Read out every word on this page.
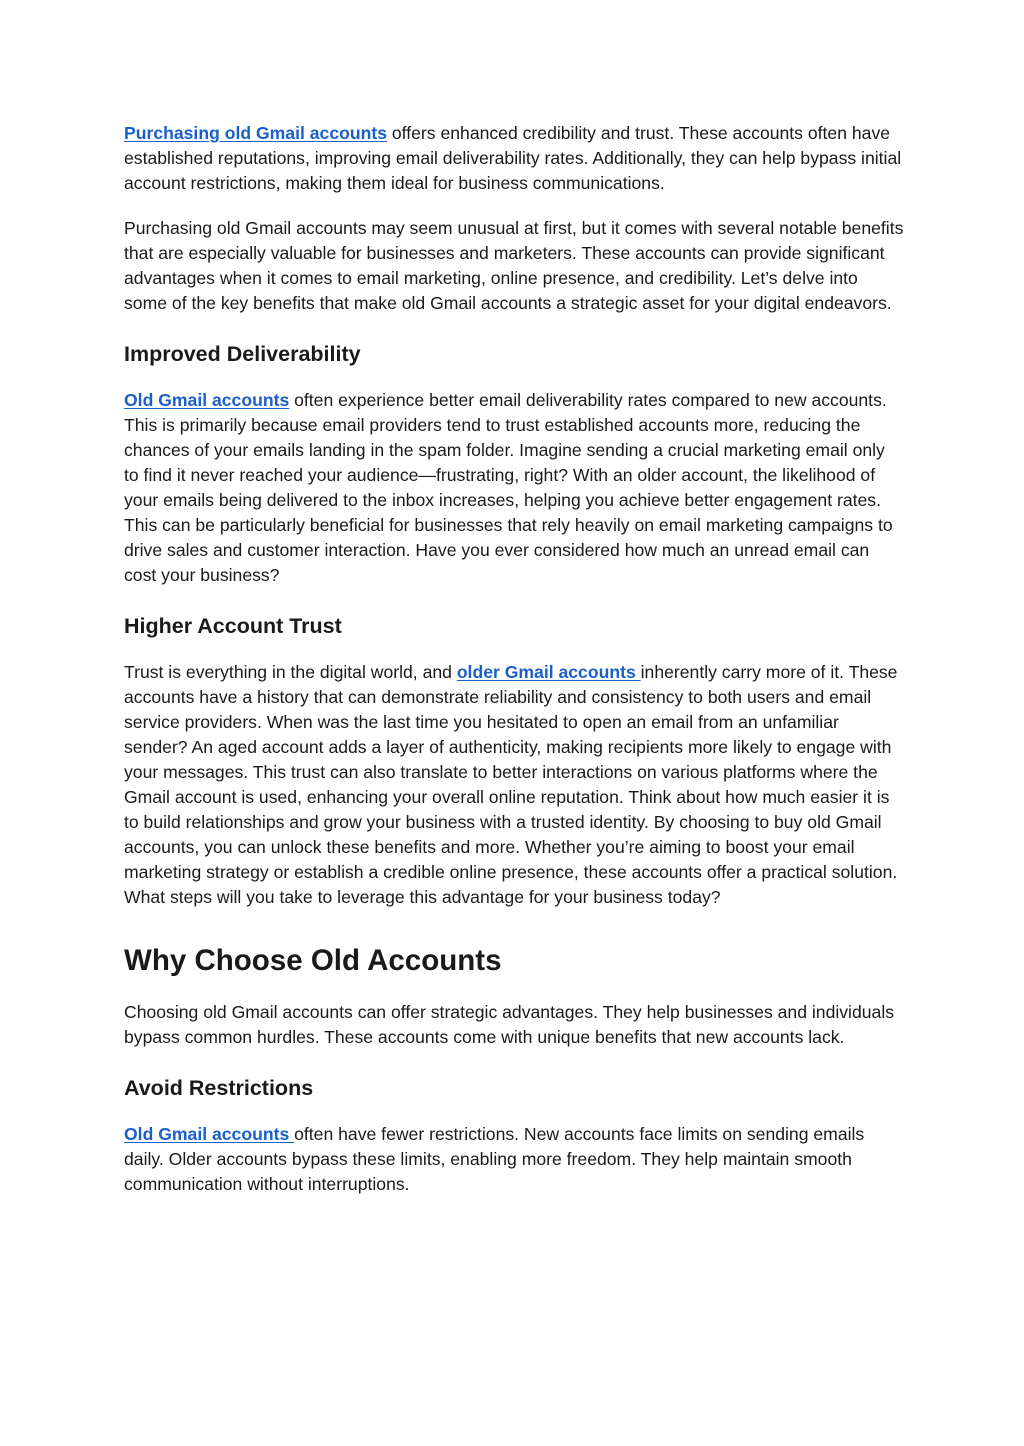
Purchasing old Gmail accounts offers enhanced credibility and trust. These accounts often have established reputations, improving email deliverability rates. Additionally, they can help bypass initial account restrictions, making them ideal for business communications.

Purchasing old Gmail accounts may seem unusual at first, but it comes with several notable benefits that are especially valuable for businesses and marketers. These accounts can provide significant advantages when it comes to email marketing, online presence, and credibility. Let’s delve into some of the key benefits that make old Gmail accounts a strategic asset for your digital endeavors.

Improved Deliverability

Old Gmail accounts often experience better email deliverability rates compared to new accounts. This is primarily because email providers tend to trust established accounts more, reducing the chances of your emails landing in the spam folder. Imagine sending a crucial marketing email only to find it never reached your audience—frustrating, right? With an older account, the likelihood of your emails being delivered to the inbox increases, helping you achieve better engagement rates. This can be particularly beneficial for businesses that rely heavily on email marketing campaigns to drive sales and customer interaction. Have you ever considered how much an unread email can cost your business?

Higher Account Trust

Trust is everything in the digital world, and older Gmail accounts inherently carry more of it. These accounts have a history that can demonstrate reliability and consistency to both users and email service providers. When was the last time you hesitated to open an email from an unfamiliar sender? An aged account adds a layer of authenticity, making recipients more likely to engage with your messages. This trust can also translate to better interactions on various platforms where the Gmail account is used, enhancing your overall online reputation. Think about how much easier it is to build relationships and grow your business with a trusted identity. By choosing to buy old Gmail accounts, you can unlock these benefits and more. Whether you’re aiming to boost your email marketing strategy or establish a credible online presence, these accounts offer a practical solution. What steps will you take to leverage this advantage for your business today?

Why Choose Old Accounts

Choosing old Gmail accounts can offer strategic advantages. They help businesses and individuals bypass common hurdles. These accounts come with unique benefits that new accounts lack.

Avoid Restrictions

Old Gmail accounts often have fewer restrictions. New accounts face limits on sending emails daily. Older accounts bypass these limits, enabling more freedom. They help maintain smooth communication without interruptions.
